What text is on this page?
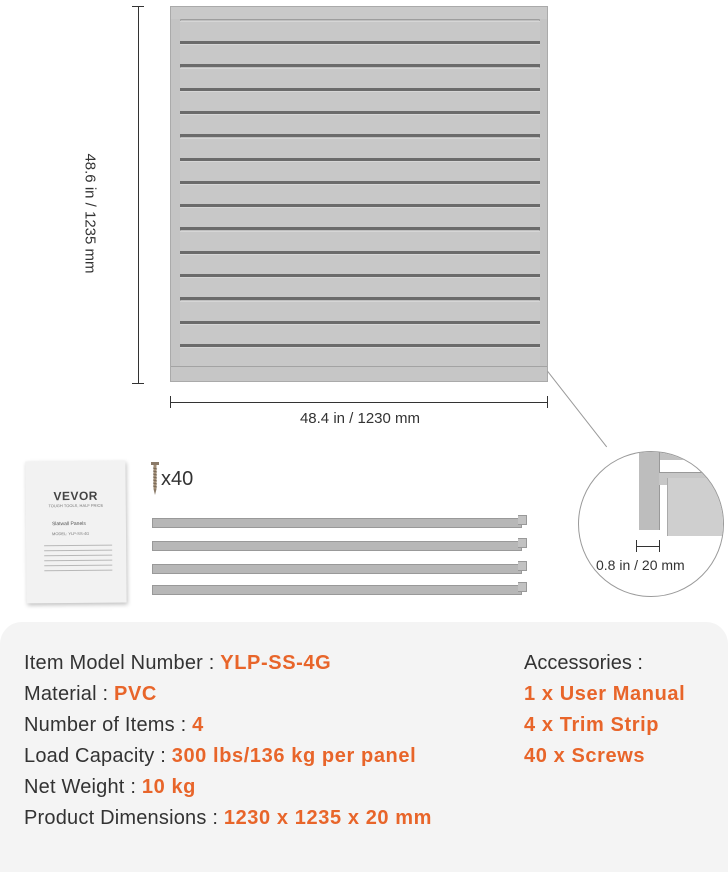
48.6 in / 1235 mm
48.4 in / 1230 mm
VEVOR
TOUGH TOOLS, HALF PRICE
Slatwall Panels
MODEL: YLP-SS-4G
x40
0.8 in / 20 mm
Item Model Number : YLP-SS-4G
Material : PVC
Number of Items : 4
Load Capacity : 300 lbs/136 kg per panel
Net Weight : 10 kg
Product Dimensions : 1230 x 1235 x 20 mm
Accessories :
1 x User Manual
4 x Trim Strip
40 x Screws
